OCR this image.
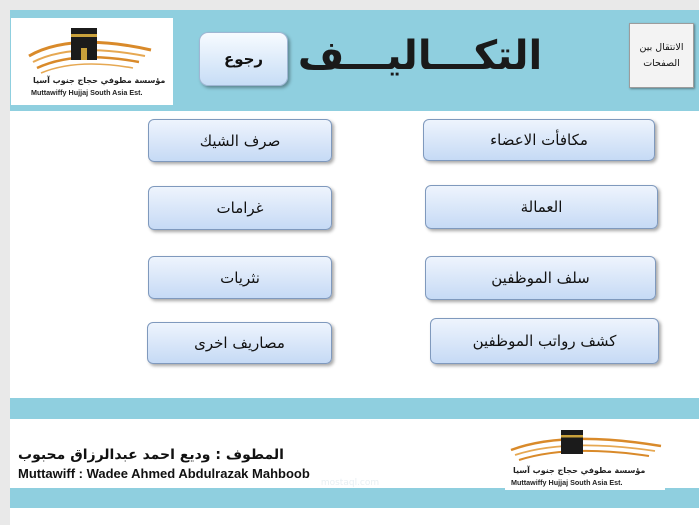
مؤسسة مطوفي حجاج جنوب آسيا
Muttawiffy Hujjaj South Asia Est.
رجوع التكـــاليـــف	الانتقال بين الصفحات
مكافأت الاعضاء
صرف الشيك
العمالة
غرامات
سلف الموظفين
نثريات
كشف رواتب الموظفين
مصاريف اخرى
المطوف : وديع احمد عبدالرزاق محبوب
Muttawiff : Wadee Ahmed Abdulrazak Mahboob	مؤسسة مطوفي حجاج جنوب آسيا
Muttawiffy Hujjaj South Asia Est.
mostaql.com
